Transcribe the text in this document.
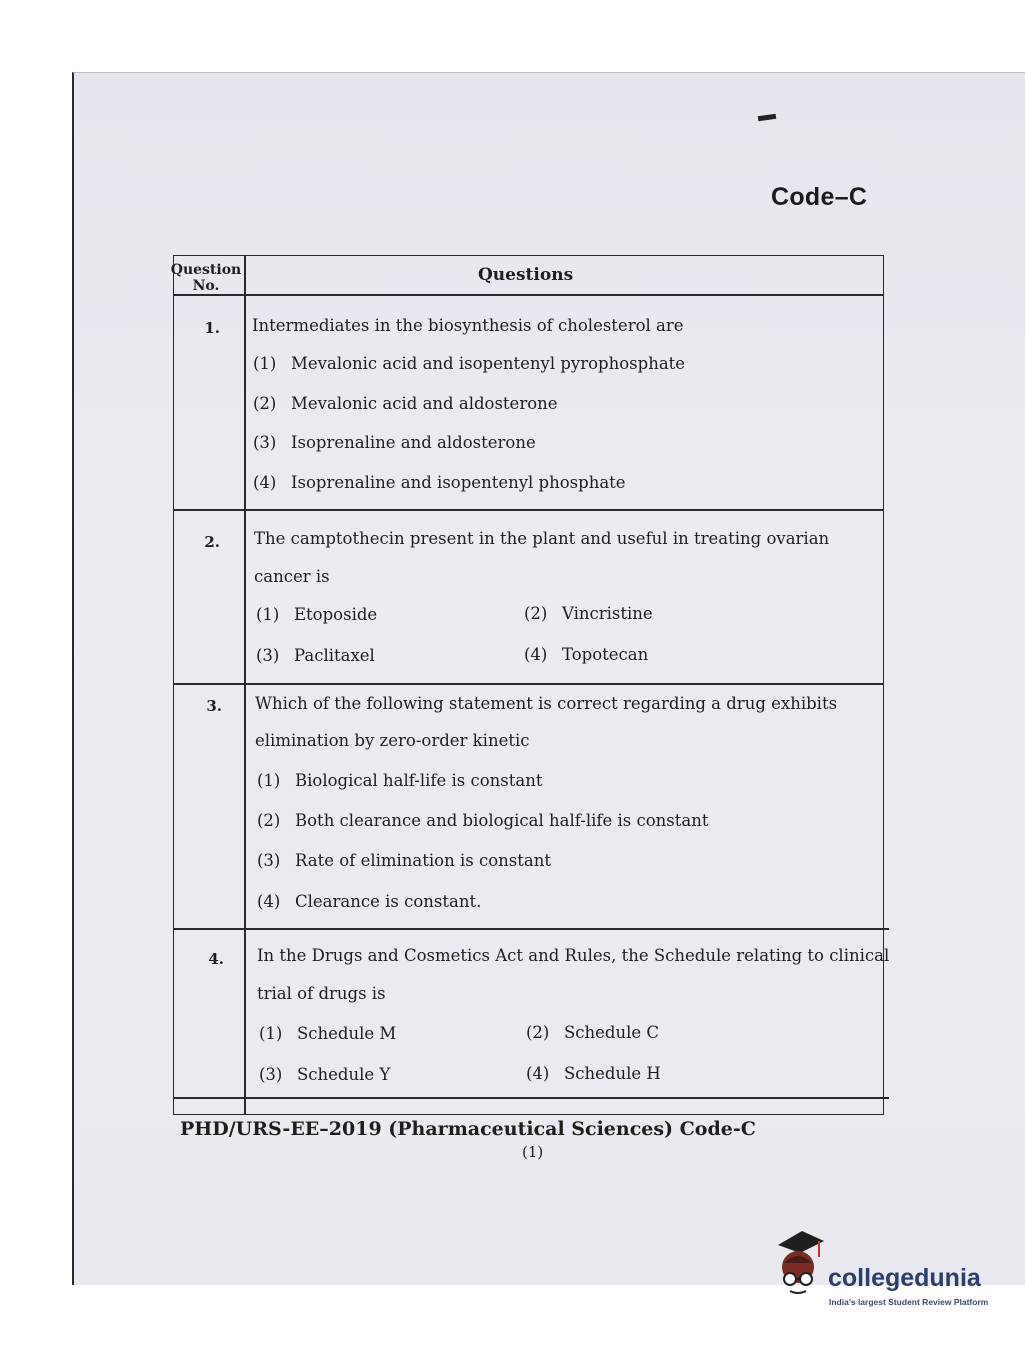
Code–C
Question No.
Questions
1. Intermediates in the biosynthesis of cholesterol are
(1) Mevalonic acid and isopentenyl pyrophosphate
(2) Mevalonic acid and aldosterone
(3) Isoprenaline and aldosterone
(4) Isoprenaline and isopentenyl phosphate
2. The camptothecin present in the plant and useful in treating ovarian
cancer is
(1) Etoposide	(2) Vincristine
(3) Paclitaxel	(4) Topotecan
3. Which of the following statement is correct regarding a drug exhibits
elimination by zero-order kinetic
(1) Biological half-life is constant
(2) Both clearance and biological half-life is constant
(3) Rate of elimination is constant
(4) Clearance is constant.
4. In the Drugs and Cosmetics Act and Rules, the Schedule relating to clinical
trial of drugs is
(1) Schedule M	(2) Schedule C
(3) Schedule Y	(4) Schedule H
PHD/URS-EE–2019 (Pharmaceutical Sciences) Code-C
(1)
collegedunia
India's largest Student Review Platform
